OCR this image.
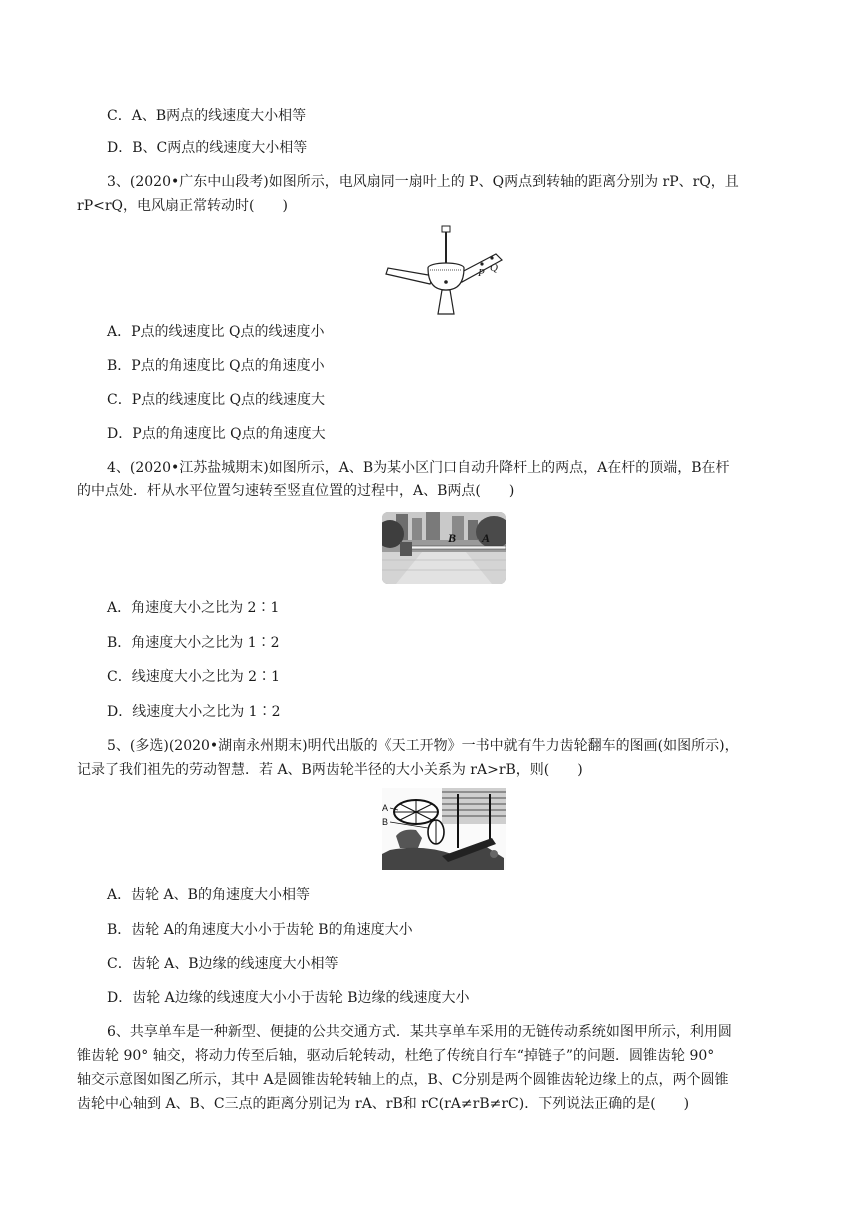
C．A、B两点的线速度大小相等
D．B、C两点的线速度大小相等
3、(2020•广东中山段考)如图所示，电风扇同一扇叶上的 P、Q两点到转轴的距离分别为 rP、rQ，且
rP<rQ，电风扇正常转动时(　　)
P Q
A．P点的线速度比 Q点的线速度小
B．P点的角速度比 Q点的角速度小
C．P点的线速度比 Q点的线速度大
D．P点的角速度比 Q点的角速度大
4、(2020•江苏盐城期末)如图所示，A、B为某小区门口自动升降杆上的两点，A在杆的顶端，B在杆
的中点处．杆从水平位置匀速转至竖直位置的过程中，A、B两点(　　)
B A
A．角速度大小之比为 2∶1
B．角速度大小之比为 1∶2
C．线速度大小之比为 2∶1
D．线速度大小之比为 1∶2
5、(多选)(2020•湖南永州期末)明代出版的《天工开物》一书中就有牛力齿轮翻车的图画(如图所示)，
记录了我们祖先的劳动智慧．若 A、B两齿轮半径的大小关系为 rA>rB，则(　　)
A
B
A．齿轮 A、B的角速度大小相等
B．齿轮 A的角速度大小小于齿轮 B的角速度大小
C．齿轮 A、B边缘的线速度大小相等
D．齿轮 A边缘的线速度大小小于齿轮 B边缘的线速度大小
6、共享单车是一种新型、便捷的公共交通方式．某共享单车采用的无链传动系统如图甲所示，利用圆
锥齿轮 90° 轴交，将动力传至后轴，驱动后轮转动，杜绝了传统自行车“掉链子”的问题．圆锥齿轮 90°
轴交示意图如图乙所示，其中 A是圆锥齿轮转轴上的点，B、C分别是两个圆锥齿轮边缘上的点，两个圆锥
齿轮中心轴到 A、B、C三点的距离分别记为 rA、rB和 rC(rA≠rB≠rC)．下列说法正确的是(　　)
